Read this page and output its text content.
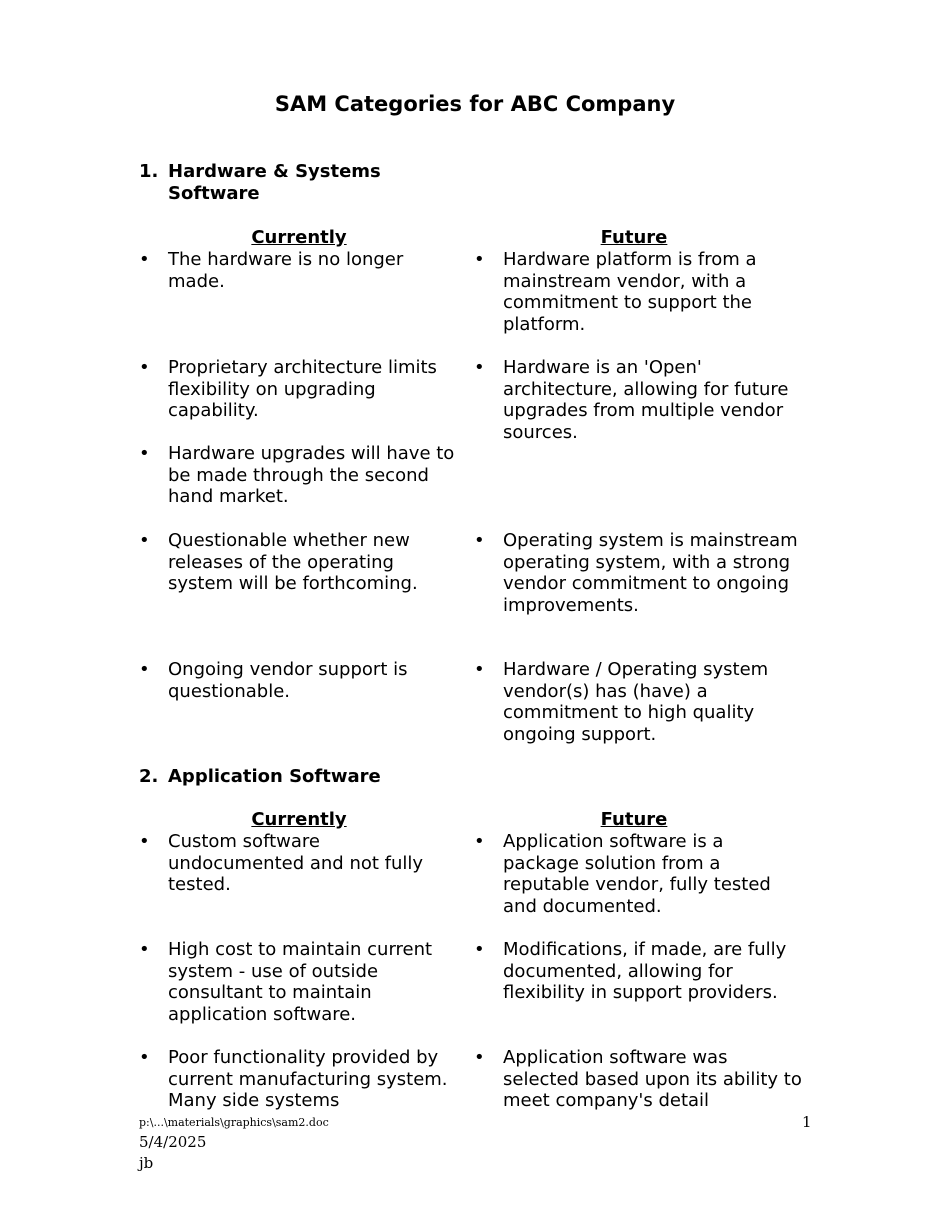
SAM Categories for ABC Company
1. Hardware & Systems Software
Currently	Future
• The hardware is no longer made.
• Proprietary architecture limits flexibility on upgrading capability.
• Hardware upgrades will have to be made through the second hand market.
• Questionable whether new releases of the operating system will be forthcoming.
• Ongoing vendor support is questionable.
• Hardware platform is from a mainstream vendor, with a commitment to support the platform.
• Hardware is an 'Open' architecture, allowing for future upgrades from multiple vendor sources.
• Operating system is mainstream operating system, with a strong vendor commitment to ongoing improvements.
• Hardware / Operating system vendor(s) has (have) a commitment to high quality ongoing support.
2. Application Software
Currently	Future
• Custom software undocumented and not fully tested.
• High cost to maintain current system - use of outside consultant to maintain application software.
• Poor functionality provided by current manufacturing system. Many side systems
• Application software is a package solution from a reputable vendor, fully tested and documented.
• Modifications, if made, are fully documented, allowing for flexibility in support providers.
• Application software was selected based upon its ability to meet company's detail
p:\...\materials\graphics\sam2.doc
5/4/2025
jb
1
